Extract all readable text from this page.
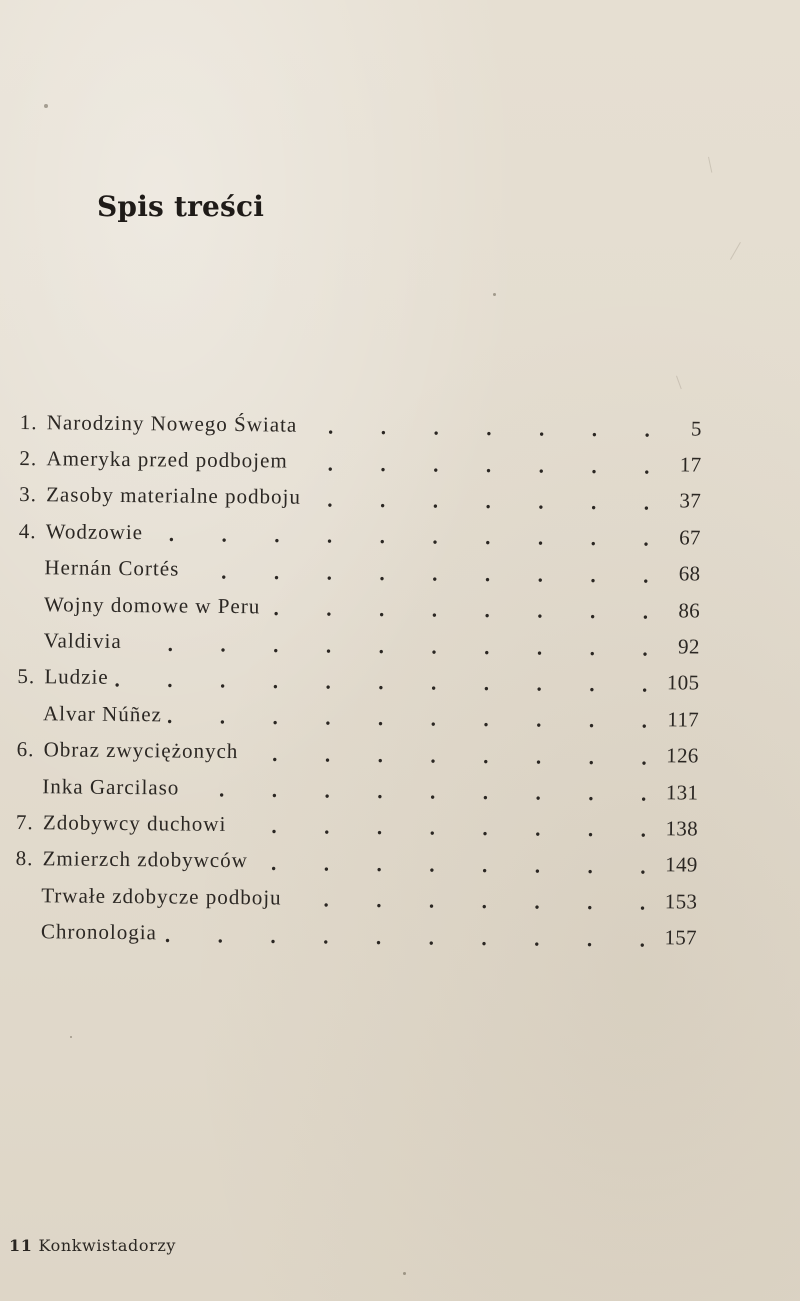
Spis treści
1. Narodziny Nowego Świata .	5
2. Ameryka przed podbojem .	17
3. Zasoby materialne podboju .	37
4. Wodzowie .	67
Hernán Cortés .	68
Wojny domowe w Peru .	86
Valdivia .	92
5. Ludzie .	105
Alvar Núñez .	117
6. Obraz zwyciężonych .	126
Inka Garcilaso .	131
7. Zdobywcy duchowi .	138
8. Zmierzch zdobywców .	149
Trwałe zdobycze podboju .	153
Chronologia .	157
11 Konkwistadorzy
